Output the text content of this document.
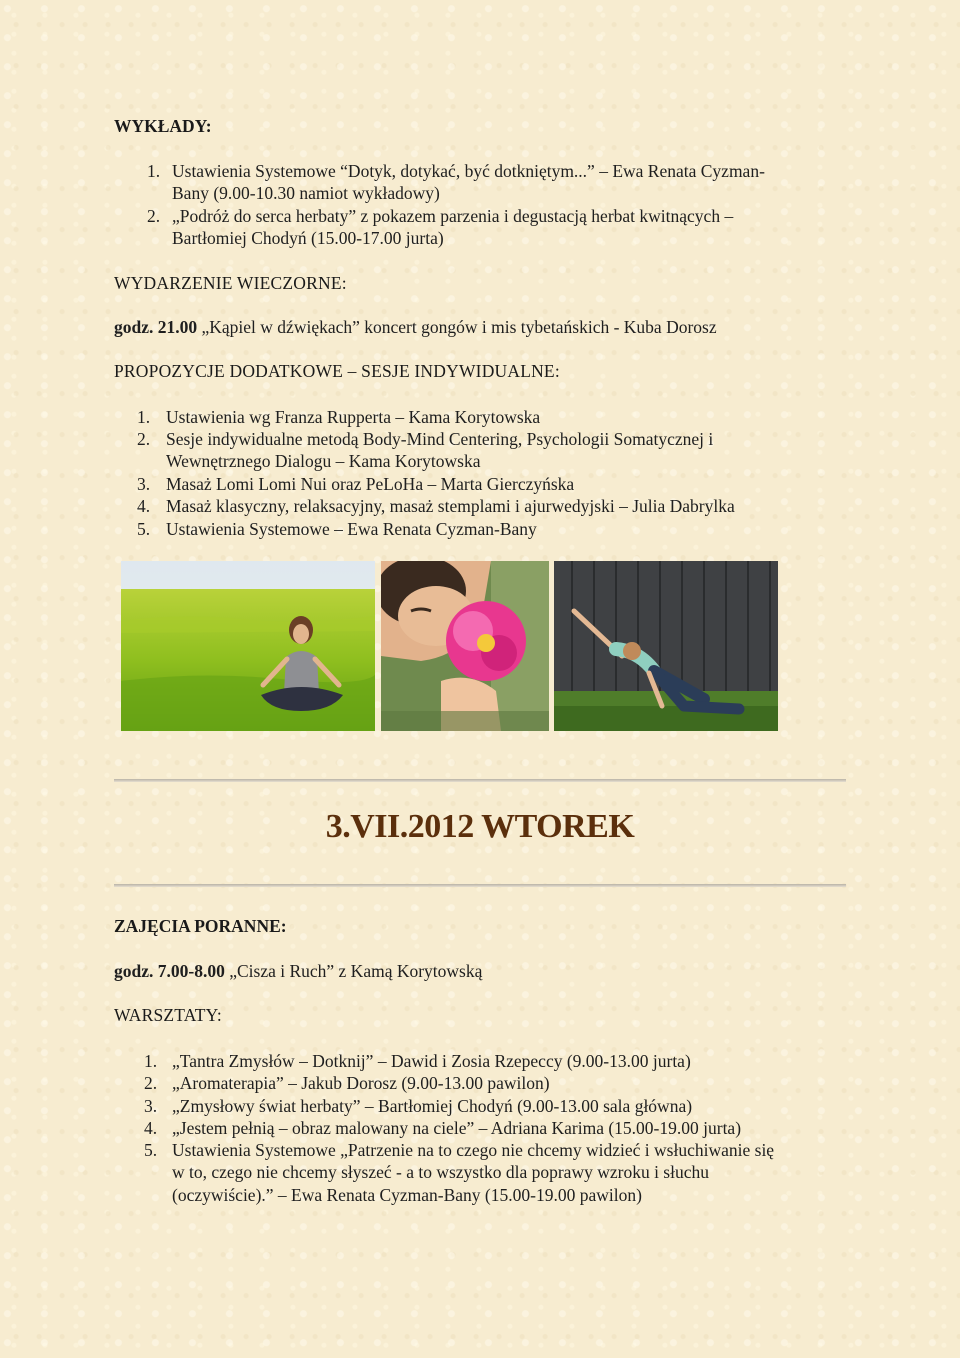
WYKŁADY:
1. Ustawienia Systemowe “Dotyk, dotykać, być dotkniętym...” – Ewa Renata Cyzman-
Bany (9.00-10.30 namiot wykładowy)
2. „Podróż do serca herbaty” z pokazem parzenia i degustacją herbat kwitnących –
Bartłomiej Chodyń (15.00-17.00 jurta)
WYDARZENIE WIECZORNE:
godz. 21.00 „Kąpiel w dźwiękach” koncert gongów i mis tybetańskich - Kuba Dorosz
PROPOZYCJE DODATKOWE – SESJE INDYWIDUALNE:
1. Ustawienia wg Franza Rupperta – Kama Korytowska
2. Sesje indywidualne metodą Body-Mind Centering, Psychologii Somatycznej i
Wewnętrznego Dialogu – Kama Korytowska
3. Masaż Lomi Lomi Nui oraz PeLoHa – Marta Gierczyńska
4. Masaż klasyczny, relaksacyjny, masaż stemplami i ajurwedyjski – Julia Dabrylka
5. Ustawienia Systemowe – Ewa Renata Cyzman-Bany
3.VII.2012 WTOREK
ZAJĘCIA PORANNE:
godz. 7.00-8.00 „Cisza i Ruch” z Kamą Korytowską
WARSZTATY:
1. „Tantra Zmysłów – Dotknij” – Dawid i Zosia Rzepeccy (9.00-13.00 jurta)
2. „Aromaterapia” – Jakub Dorosz (9.00-13.00 pawilon)
3. „Zmysłowy świat herbaty” – Bartłomiej Chodyń (9.00-13.00 sala główna)
4. „Jestem pełnią – obraz malowany na ciele” – Adriana Karima (15.00-19.00 jurta)
5. Ustawienia Systemowe „Patrzenie na to czego nie chcemy widzieć i wsłuchiwanie się
w to, czego nie chcemy słyszeć - a to wszystko dla poprawy wzroku i słuchu
(oczywiście).” – Ewa Renata Cyzman-Bany (15.00-19.00 pawilon)
